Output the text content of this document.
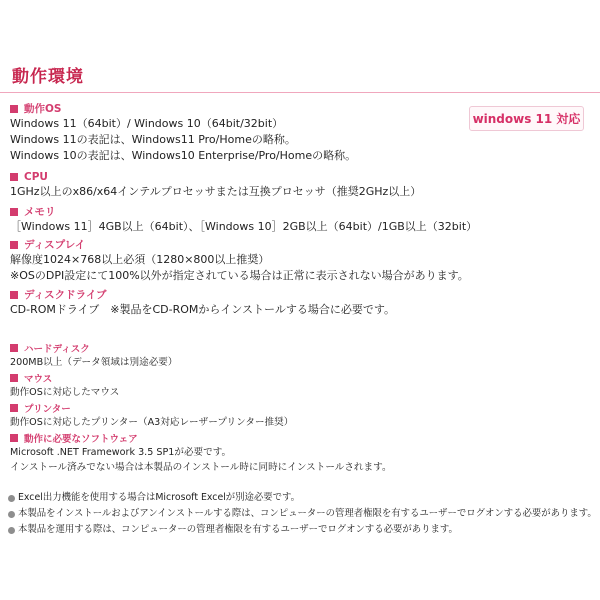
動作環境
windows 11 対応
動作OS
Windows 11（64bit）/ Windows 10（64bit/32bit）
Windows 11の表記は、Windows11 Pro/Homeの略称。
Windows 10の表記は、Windows10 Enterprise/Pro/Homeの略称。
CPU
1GHz以上のx86/x64インテルプロセッサまたは互換プロセッサ（推奨2GHz以上）
メモリ
［Windows 11］4GB以上（64bit）、［Windows 10］2GB以上（64bit）/1GB以上（32bit）
ディスプレイ
解像度1024×768以上必須（1280×800以上推奨）
※OSのDPI設定にて100%以外が指定されている場合は正常に表示されない場合があります。
ディスクドライブ
CD-ROMドライブ　※製品をCD-ROMからインストールする場合に必要です。
ハードディスク
200MB以上（データ領域は別途必要）
マウス
動作OSに対応したマウス
プリンター
動作OSに対応したプリンター（A3対応レーザープリンター推奨）
動作に必要なソフトウェア
Microsoft .NET Framework 3.5 SP1が必要です。
インストール済みでない場合は本製品のインストール時に同時にインストールされます。
Excel出力機能を使用する場合はMicrosoft Excelが別途必要です。
本製品をインストールおよびアンインストールする際は、コンピューターの管理者権限を有するユーザーでログオンする必要があります。
本製品を運用する際は、コンピューターの管理者権限を有するユーザーでログオンする必要があります。
